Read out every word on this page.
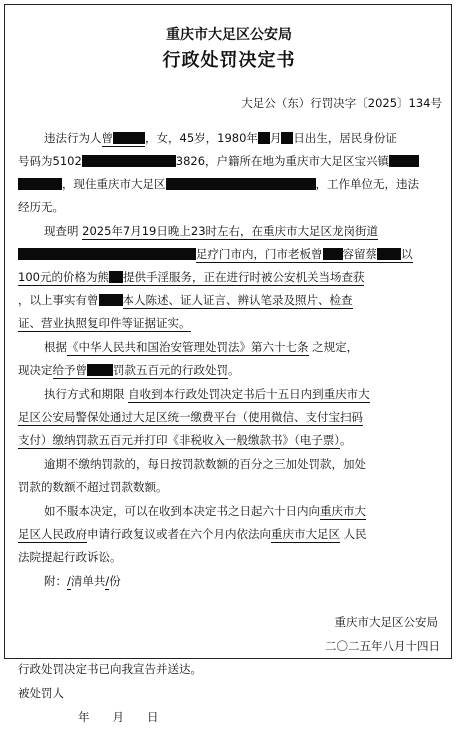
重庆市大足区公安局
行政处罚决定书
大足公（东）行罚决字〔2025〕134号
违法行为人曾	，女，45岁，1980年 月 日出生，居民身份证
号码为5102	3826，户籍所在地为重庆市大足区宝兴镇
，现住重庆市大足区	，工作单位无，违法
经历无。
现查明 2025年7月19日晚上23时左右，在重庆市大足区龙岗街道
足疗门市内，门市老板曾 容留蔡 以
100元的价格为熊 提供手淫服务，正在进行时被公安机关当场查获
，以上事实有曾 本人陈述、证人证言、辨认笔录及照片、检查
证、营业执照复印件等证据证实。
根据《中华人民共和国治安管理处罚法》第六十七条 之规定，
现决定给予曾 罚款五百元的行政处罚。
执行方式和期限 自收到本行政处罚决定书后十五日内到重庆市大
足区公安局警保处通过大足区统一缴费平台（使用微信、支付宝扫码
支付）缴纳罚款五百元并打印《非税收入一般缴款书》（电子票）。
逾期不缴纳罚款的，每日按罚款数额的百分之三加处罚款，加处
罚款的数额不超过罚款数额。
如不服本决定，可以在收到本决定书之日起六十日内向重庆市大
足区人民政府申请行政复议或者在六个月内依法向重庆市大足区 人民
法院提起行政诉讼。
附：/清单共/份
重庆市大足区公安局
二〇二五年八月十四日
行政处罚决定书已向我宣告并送达。
被处罚人
年　　月　　日
